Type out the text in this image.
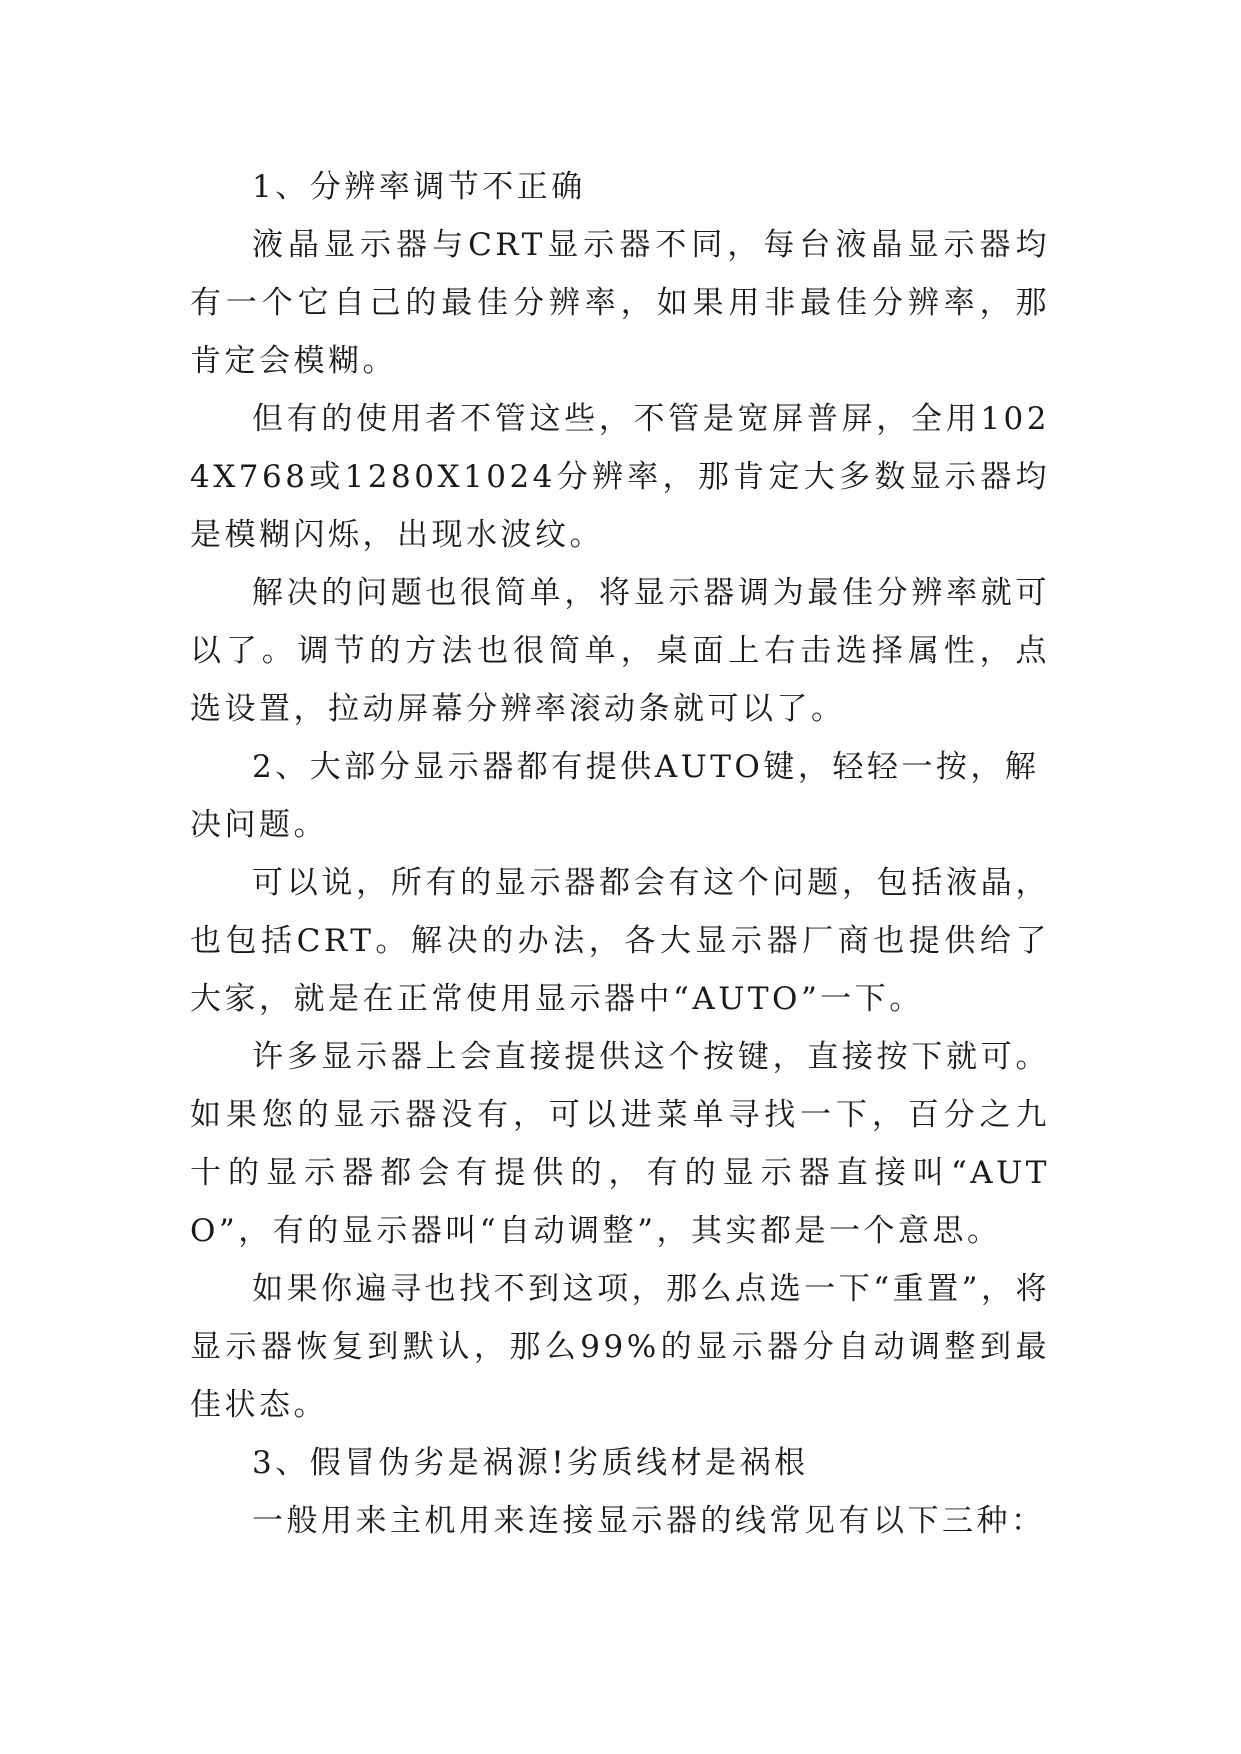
1、分辨率调节不正确

液晶显示器与CRT显示器不同，每台液晶显示器均有一个它自己的最佳分辨率，如果用非最佳分辨率，那肯定会模糊。

但有的使用者不管这些，不管是宽屏普屏，全用1024X768或1280X1024分辨率，那肯定大多数显示器均是模糊闪烁，出现水波纹。

解决的问题也很简单，将显示器调为最佳分辨率就可以了。调节的方法也很简单，桌面上右击选择属性，点选设置，拉动屏幕分辨率滚动条就可以了。

2、大部分显示器都有提供AUTO键，轻轻一按，解决问题。

可以说，所有的显示器都会有这个问题，包括液晶，也包括CRT。解决的办法，各大显示器厂商也提供给了大家，就是在正常使用显示器中“AUTO”一下。

许多显示器上会直接提供这个按键，直接按下就可。如果您的显示器没有，可以进菜单寻找一下，百分之九十的显示器都会有提供的，有的显示器直接叫“AUTO”，有的显示器叫“自动调整”，其实都是一个意思。

如果你遍寻也找不到这项，那么点选一下“重置”，将显示器恢复到默认，那么99%的显示器分自动调整到最佳状态。

3、假冒伪劣是祸源!劣质线材是祸根

一般用来主机用来连接显示器的线常见有以下三种：
